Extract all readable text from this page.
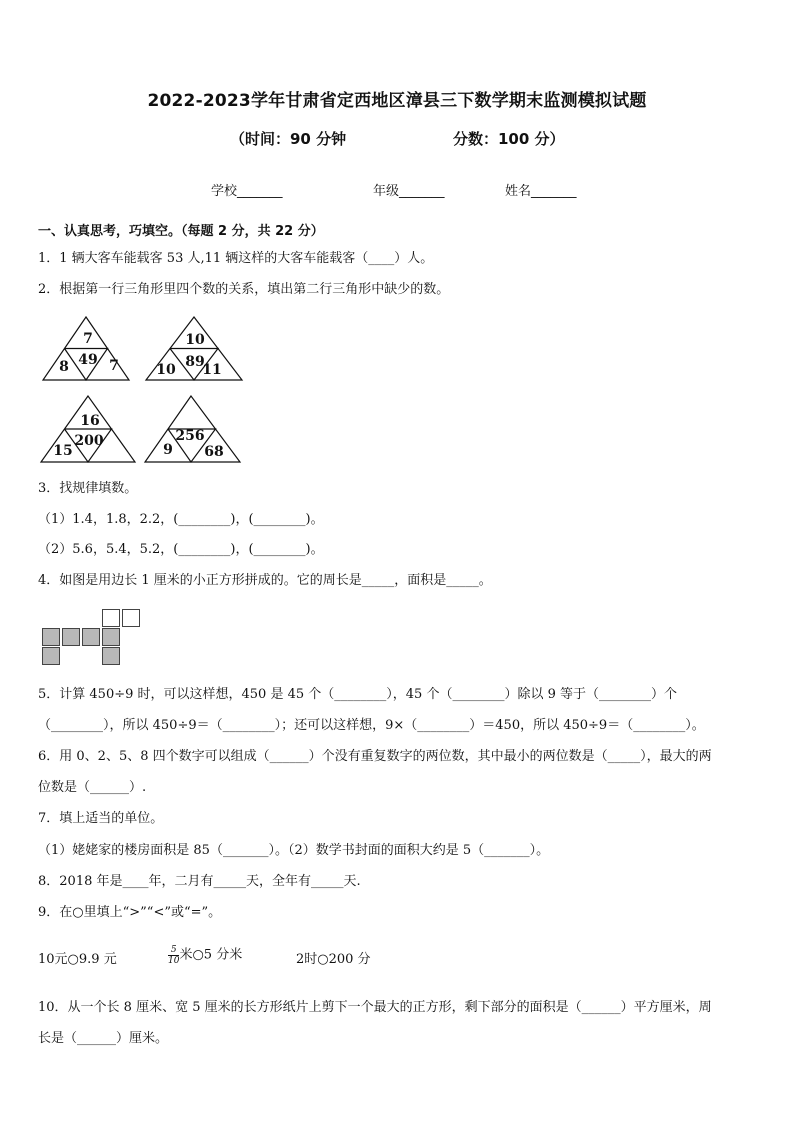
2022-2023学年甘肃省定西地区漳县三下数学期末监测模拟试题
（时间：90 分钟	分数：100 分）
学校_______	年级_______	姓名_______
一、认真思考，巧填空。（每题 2 分，共 22 分）
1．1 辆大客车能载客 53 人,11 辆这样的大客车能载客（____）人。
2．根据第一行三角形里四个数的关系，填出第二行三角形中缺少的数。
7
49
8	7
10
89
10 11
16
200
15
256
9 68
3．找规律填数。
（1）1.4，1.8，2.2，(________)，(________)。
（2）5.6，5.4，5.2，(________)，(________)。
4．如图是用边长 1 厘米的小正方形拼成的。它的周长是_____，面积是_____。
5．计算 450÷9 时，可以这样想，450 是 45 个（________），45 个（________）除以 9 等于（________）个
（________），所以 450÷9＝（________）；还可以这样想，9×（________）＝450，所以 450÷9＝（________）。
6．用 0、2、5、8 四个数字可以组成（______）个没有重复数字的两位数，其中最小的两位数是（_____），最大的两
位数是（______）.
7．填上适当的单位。
（1）姥姥家的楼房面积是 85（_______）。（2）数学书封面的面积大约是 5（_______）。
8．2018 年是____年，二月有_____天，全年有_____天.
9．在○里填上“>”“<”或“=”。
10元○9.9 元	$\frac{5}{10}$ 米○5 分米	2时○200 分
10．从一个长 8 厘米、宽 5 厘米的长方形纸片上剪下一个最大的正方形，剩下部分的面积是（______）平方厘米，周
长是（______）厘米。
